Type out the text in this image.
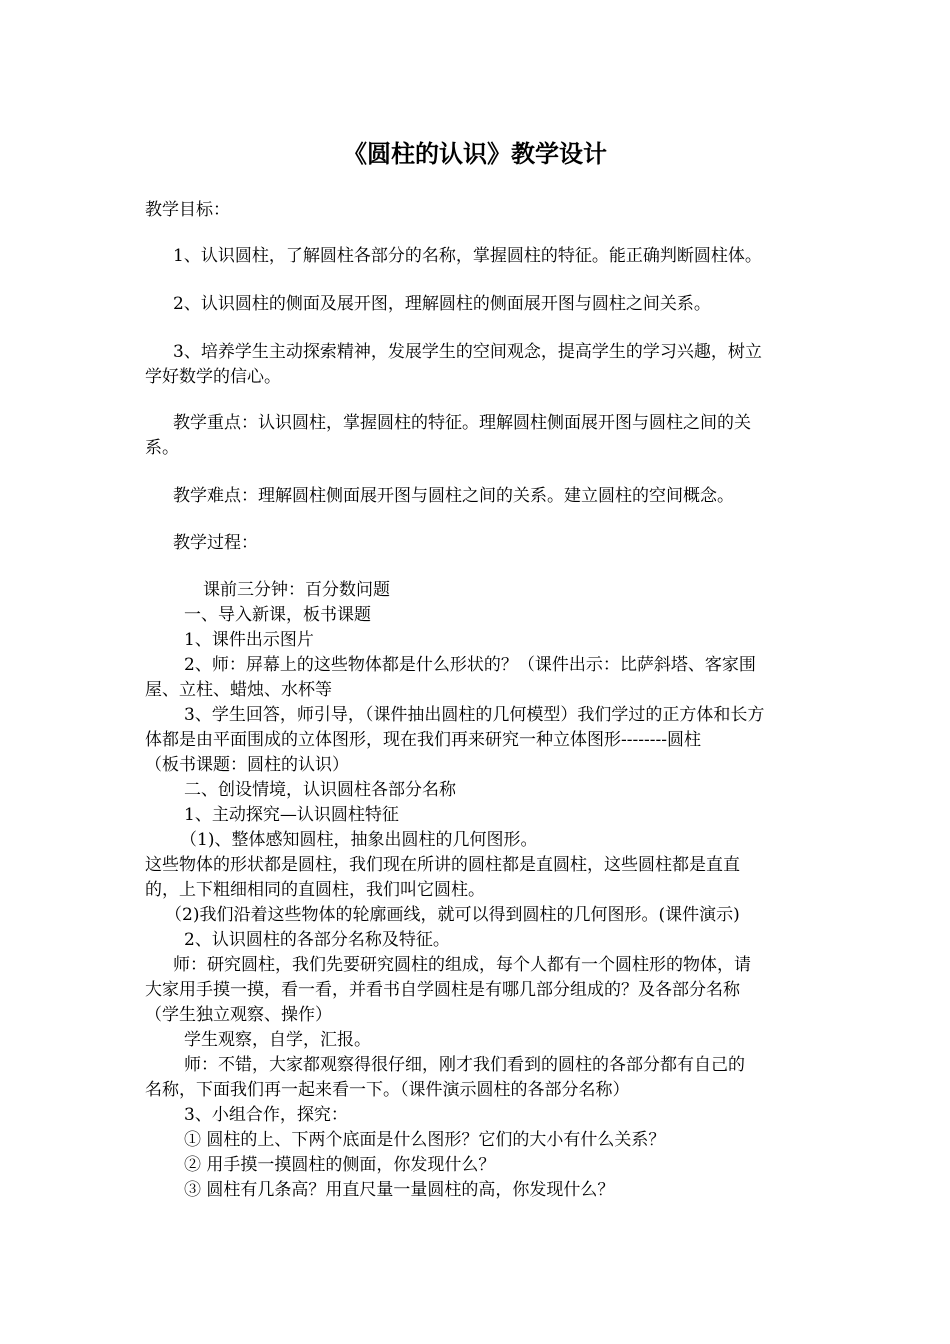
《圆柱的认识》教学设计
教学目标：
1、认识圆柱，了解圆柱各部分的名称，掌握圆柱的特征。能正确判断圆柱体。
2、认识圆柱的侧面及展开图，理解圆柱的侧面展开图与圆柱之间关系。
3、培养学生主动探索精神，发展学生的空间观念，提高学生的学习兴趣，树立
学好数学的信心。
教学重点：认识圆柱，掌握圆柱的特征。理解圆柱侧面展开图与圆柱之间的关
系。
教学难点：理解圆柱侧面展开图与圆柱之间的关系。建立圆柱的空间概念。
教学过程：
课前三分钟：百分数问题
一、导入新课，板书课题
1、课件出示图片
2、师：屏幕上的这些物体都是什么形状的？（课件出示：比萨斜塔、客家围
屋、立柱、蜡烛、水杯等
3、学生回答，师引导，（课件抽出圆柱的几何模型）我们学过的正方体和长方
体都是由平面围成的立体图形，现在我们再来研究一种立体图形--------圆柱
（板书课题：圆柱的认识）
二、创设情境，认识圆柱各部分名称
1、主动探究—认识圆柱特征
（1)、整体感知圆柱，抽象出圆柱的几何图形。
这些物体的形状都是圆柱，我们现在所讲的圆柱都是直圆柱，这些圆柱都是直直
的，上下粗细相同的直圆柱，我们叫它圆柱。
（2)我们沿着这些物体的轮廓画线，就可以得到圆柱的几何图形。(课件演示)
2、认识圆柱的各部分名称及特征。
师：研究圆柱，我们先要研究圆柱的组成，每个人都有一个圆柱形的物体，请
大家用手摸一摸，看一看，并看书自学圆柱是有哪几部分组成的？及各部分名称
（学生独立观察、操作）
学生观察，自学，汇报。
师：不错，大家都观察得很仔细，刚才我们看到的圆柱的各部分都有自己的
名称，下面我们再一起来看一下。（课件演示圆柱的各部分名称）
3、小组合作，探究：
① 圆柱的上、下两个底面是什么图形？它们的大小有什么关系？
② 用手摸一摸圆柱的侧面，你发现什么？
③ 圆柱有几条高？用直尺量一量圆柱的高，你发现什么？
